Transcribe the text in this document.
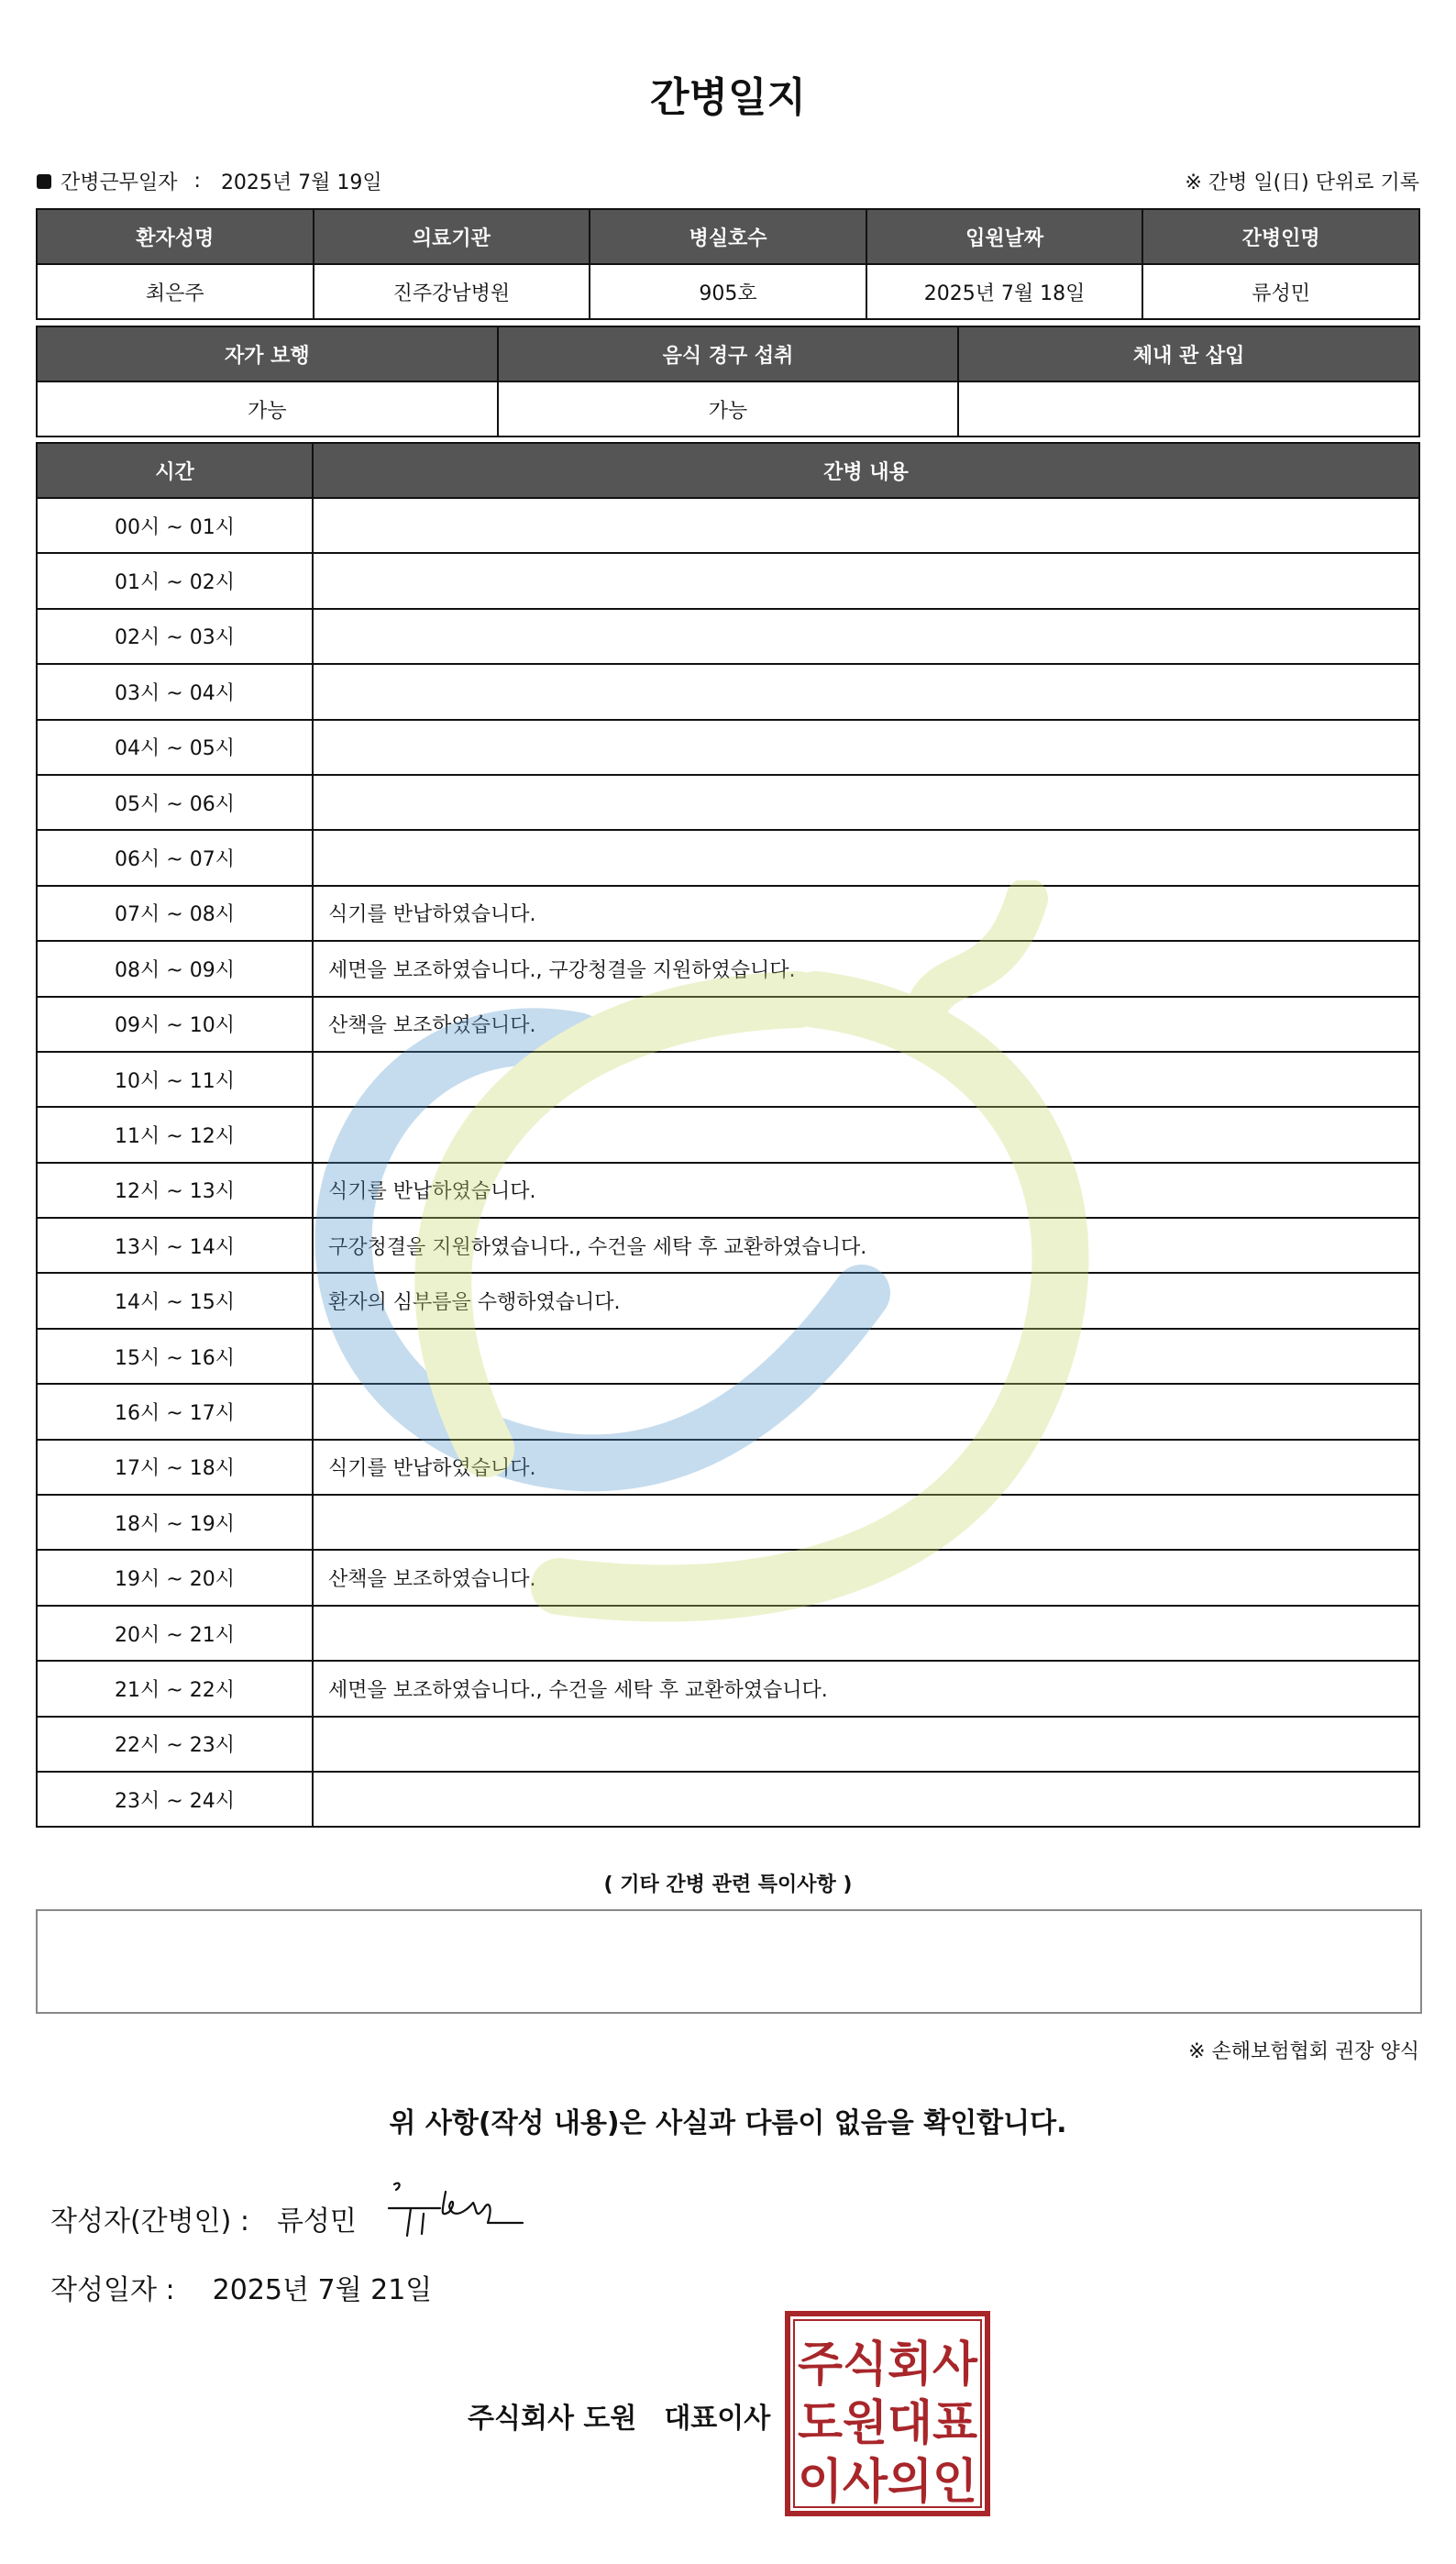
간병일지
간병근무일자 : 2025년 7월 19일	※ 간병 일(日) 단위로 기록
환자성명	의료기관	병실호수	입원날짜	간병인명
최은주	진주강남병원	905호	2025년 7월 18일	류성민
자가 보행	음식 경구 섭취	체내 관 삽입
가능	가능	
시간	간병 내용
00시 ~ 01시	
01시 ~ 02시	
02시 ~ 03시	
03시 ~ 04시	
04시 ~ 05시	
05시 ~ 06시	
06시 ~ 07시	
07시 ~ 08시	식기를 반납하였습니다.
08시 ~ 09시	세면을 보조하였습니다., 구강청결을 지원하였습니다.
09시 ~ 10시	산책을 보조하였습니다.
10시 ~ 11시	
11시 ~ 12시	
12시 ~ 13시	식기를 반납하였습니다.
13시 ~ 14시	구강청결을 지원하였습니다., 수건을 세탁 후 교환하였습니다.
14시 ~ 15시	환자의 심부름을 수행하였습니다.
15시 ~ 16시	
16시 ~ 17시	
17시 ~ 18시	식기를 반납하였습니다.
18시 ~ 19시	
19시 ~ 20시	산책을 보조하였습니다.
20시 ~ 21시	
21시 ~ 22시	세면을 보조하였습니다., 수건을 세탁 후 교환하였습니다.
22시 ~ 23시	
23시 ~ 24시	
( 기타 간병 관련 특이사항 )
※ 손해보험협회 권장 양식
위 사항(작성 내용)은 사실과 다름이 없음을 확인합니다.
작성자(간병인) : 류성민
작성일자 : 2025년 7월 21일
주식회사 도원 대표이사
주식회사
도원대표
이사의인
